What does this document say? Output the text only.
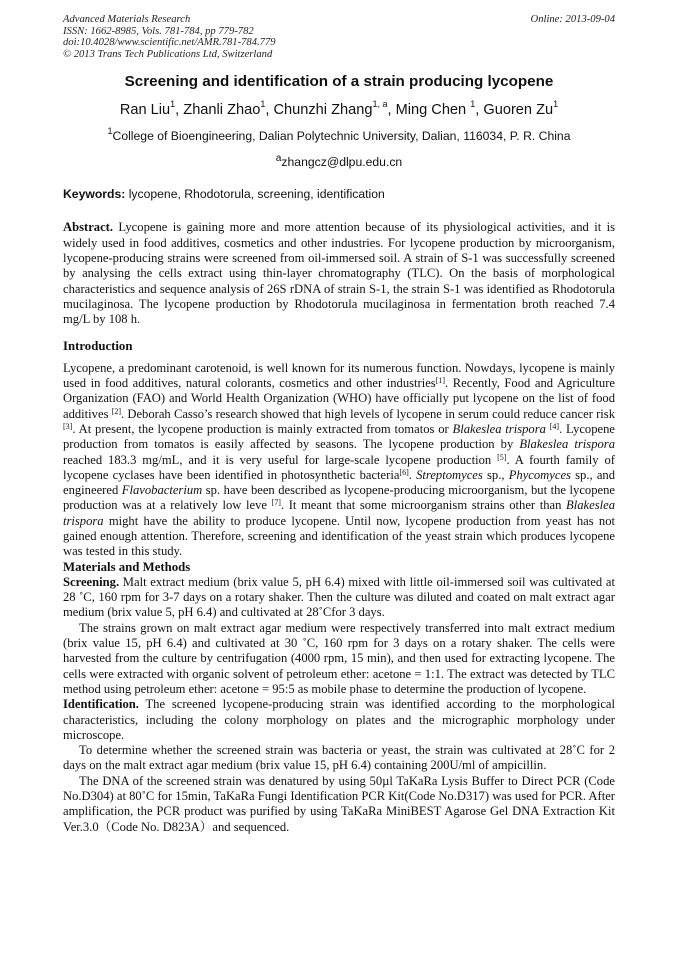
Advanced Materials Research
ISSN: 1662-8985, Vols. 781-784, pp 779-782
doi:10.4028/www.scientific.net/AMR.781-784.779
© 2013 Trans Tech Publications Ltd, Switzerland
Online: 2013-09-04
Screening and identification of a strain producing lycopene
Ran Liu$^1$, Zhanli Zhao$^1$, Chunzhi Zhang$^{1, a}$, Ming Chen $^1$, Guoren Zu$^1$
$^1$College of Bioengineering, Dalian Polytechnic University, Dalian, 116034, P. R. China
$^a$zhangcz@dlpu.edu.cn
Keywords: lycopene, Rhodotorula, screening, identification

Abstract. Lycopene is gaining more and more attention because of its physiological activities, and it is widely used in food additives, cosmetics and other industries. For lycopene production by microorganism, lycopene-producing strains were screened from oil-immersed soil. A strain of S-1 was successfully screened by analysing the cells extract using thin-layer chromatography (TLC). On the basis of morphological characteristics and sequence analysis of 26S rDNA of strain S-1, the strain S-1 was identified as Rhodotorula mucilaginosa. The lycopene production by Rhodotorula mucilaginosa in fermentation broth reached 7.4 mg/L by 108 h.

Introduction

Lycopene, a predominant carotenoid, is well known for its numerous function. Nowdays, lycopene is mainly used in food additives, natural colorants, cosmetics and other industries[1]. Recently, Food and Agriculture Organization (FAO) and World Health Organization (WHO) have officially put lycopene on the list of food additives [2]. Deborah Casso’s research showed that high levels of lycopene in serum could reduce cancer risk [3]. At present, the lycopene production is mainly extracted from tomatos or Blakeslea trispora [4]. Lycopene production from tomatos is easily affected by seasons. The lycopene production by Blakeslea trispora reached 183.3 mg/mL, and it is very useful for large-scale lycopene production [5]. A fourth family of lycopene cyclases have been identified in photosynthetic bacteria[6]. Streptomyces sp., Phycomyces sp., and engineered Flavobacterium sp. have been described as lycopene-producing microorganism, but the lycopene production was at a relatively low leve [7]. It meant that some microorganism strains other than Blakeslea trispora might have the ability to produce lycopene. Until now, lycopene production from yeast has not gained enough attention. Therefore, screening and identification of the yeast strain which produces lycopene was tested in this study.

Materials and Methods

Screening. Malt extract medium (brix value 5, pH 6.4) mixed with little oil-immersed soil was cultivated at 28 ˚C, 160 rpm for 3-7 days on a rotary shaker. Then the culture was diluted and coated on malt extract agar medium (brix value 5, pH 6.4) and cultivated at 28˚Cfor 3 days.

The strains grown on malt extract agar medium were respectively transferred into malt extract medium (brix value 15, pH 6.4) and cultivated at 30 ˚C, 160 rpm for 3 days on a rotary shaker. The cells were harvested from the culture by centrifugation (4000 rpm, 15 min), and then used for extracting lycopene. The cells were extracted with organic solvent of petroleum ether: acetone = 1:1. The extract was detected by TLC method using petroleum ether: acetone = 95:5 as mobile phase to determine the production of lycopene.

Identification. The screened lycopene-producing strain was identified according to the morphological characteristics, including the colony morphology on plates and the micrographic morphology under microscope.

To determine whether the screened strain was bacteria or yeast, the strain was cultivated at 28˚C for 2 days on the malt extract agar medium (brix value 15, pH 6.4) containing 200U/ml of ampicillin.

The DNA of the screened strain was denatured by using 50µl TaKaRa Lysis Buffer to Direct PCR (Code No.D304) at 80˚C for 15min, TaKaRa Fungi Identification PCR Kit(Code No.D317) was used for PCR. After amplification, the PCR product was purified by using TaKaRa MiniBEST Agarose Gel DNA Extraction Kit Ver.3.0（Code No. D823A）and sequenced.
